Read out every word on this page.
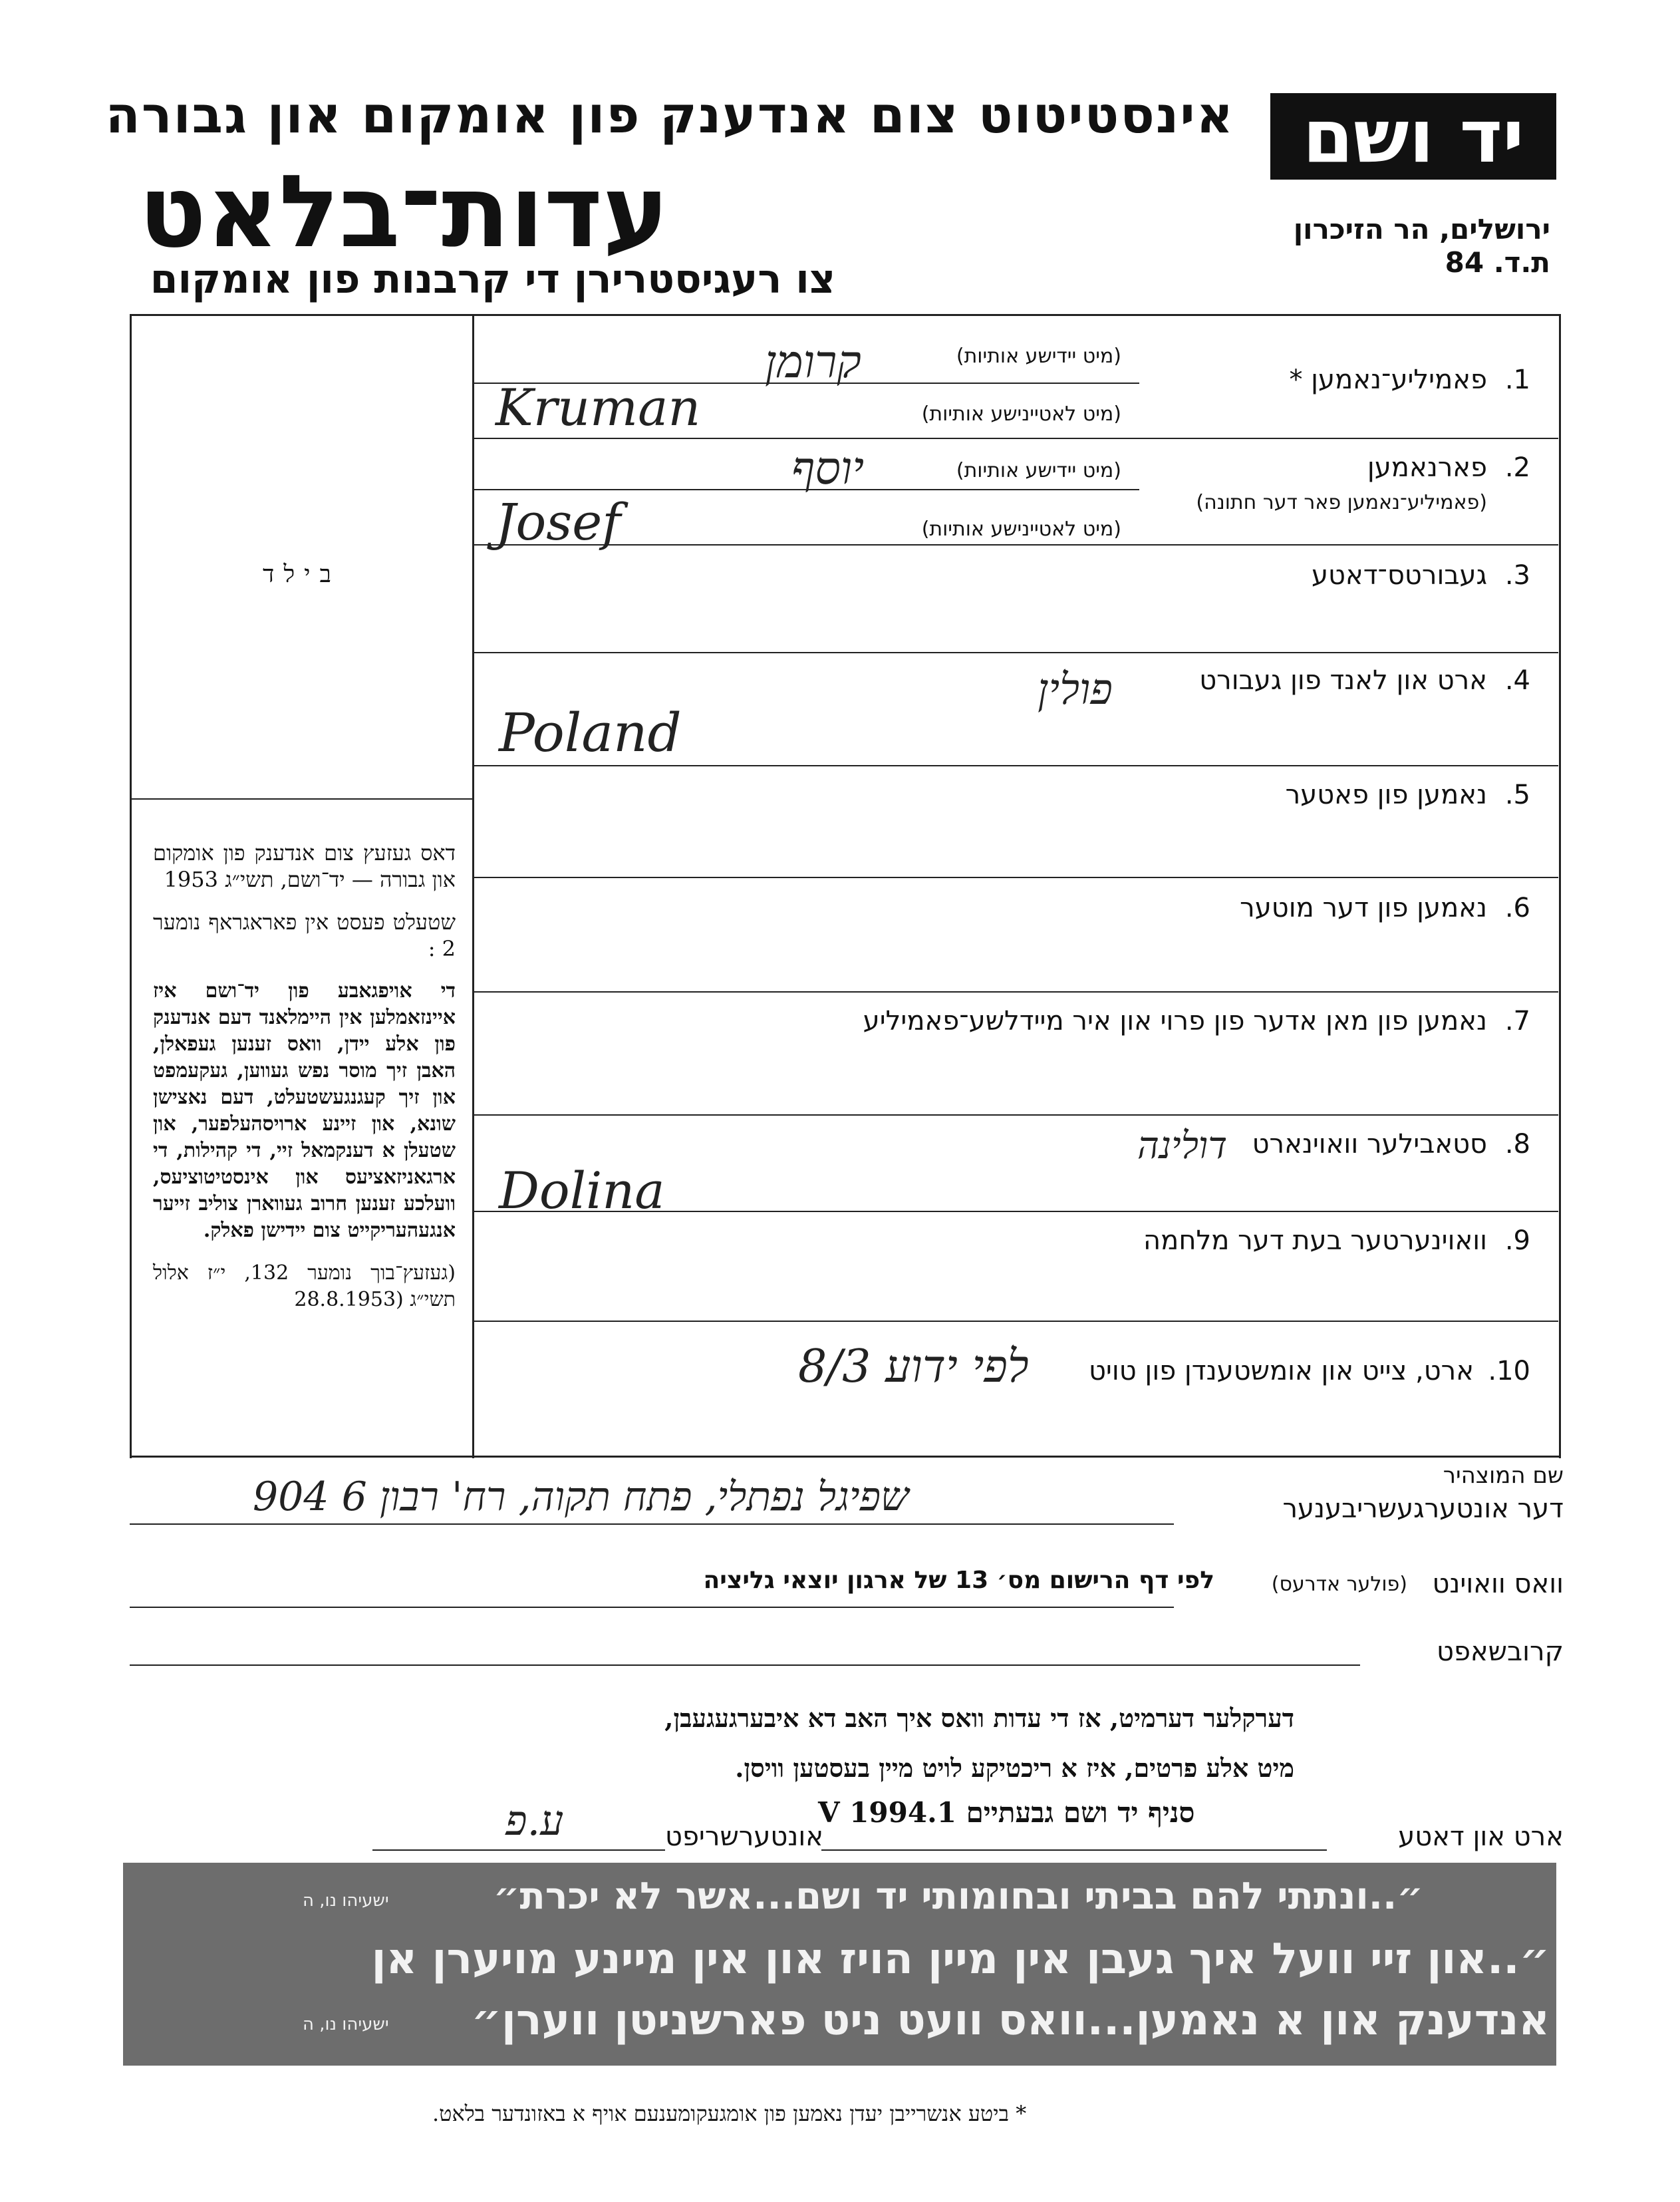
יד ושם
אינסטיטוט צום אנדענק פון אומקום און גבורה
עדות־בלאט
צו רעגיסטרירן די קרבנות פון אומקום
ירושלים, הר הזיכרון
ת.ד. 84
1.
פאמיליע־נאמען *
(מיט יידישע אותיות)
(מיט לאטיינישע אותיות)
קרומן
Kruman
2.
פארנאמען
(פאמיליע־נאמען פאר דער חתונה)
(מיט יידישע אותיות)
(מיט לאטיינישע אותיות)
יוסף
Josef
3.
געבורטס־דאטע
4.
ארט און לאנד פון געבורט
פולין
Poland
5.
נאמען פון פאטער
6.
נאמען פון דער מוטער
7.
נאמען פון מאן אדער פון פרוי און איר מיידלשע־פאמיליע
8.
סטאבילער וואוינארט
דולינה
Dolina
9.
וואוינערטער בעת דער מלחמה
10.
ארט, צייט און אומשטענדן פון טויט
לפי ידוע 8/3
בילד

דאס געזעץ צום אנדענק פון אומקום און גבורה — יד־ושם, תשי״ג 1953

שטעלט פעסט אין פאראגראף נומער 2 :

די אויפגאבע פון יד־ושם איז איינזאמלען אין היימלאנד דעם אנדענק פון אלע יידן, וואס זענען געפאלן, האבן זיך מוסר נפש געווען, געקעמפט און זיך קעגנגעשטעלט, דעם נאצישן שונא, און זיינע ארויסהעלפער, און שטעלן א דענקמאל זיי, די קהילות, די ארגאניזאציעס און אינסטיטוציעס, וועלכע זענען חרוב געווארן צוליב זייער אנגעהעריקייט צום יידישן פאלק.

(געזעץ־בוך נומער 132, י״ז אלול תשי״ג (28.8.1953

שם המוצהיר
דער אונטערגעשריבענער
שפיגל נפתלי, פתח תקוה, רח' רבון 6 904
וואס וואוינט
(פולער אדרעס)
לפי דף הרישום מס׳ 13 של ארגון יוצאי גליציה
קרובשאפט
דערקלער דערמיט, אז די עדות וואס איך האב דא איבערגעגעבן,
מיט אלע פרטים, איז א ריכטיקע לויט מיין בעסטען וויסן.
ארט און דאטע
סניף יד ושם גבעתיים 1.V 1994
אונטערשריפט
ע.פ
״..ונתתי להם בביתי ובחומותי יד ושם...אשר לא יכרת״
ישעיהו נו, ה
״..און זיי וועל איך געבן אין מיין הויז און אין מיינע מויערן אן
אנדענק און א נאמען...וואס וועט ניט פארשניטן ווערן״
ישעיהו נו, ה
* ביטע אנשרייבן יעדן נאמען פון אומגעקומענעם אויף א באזונדער בלאט.
